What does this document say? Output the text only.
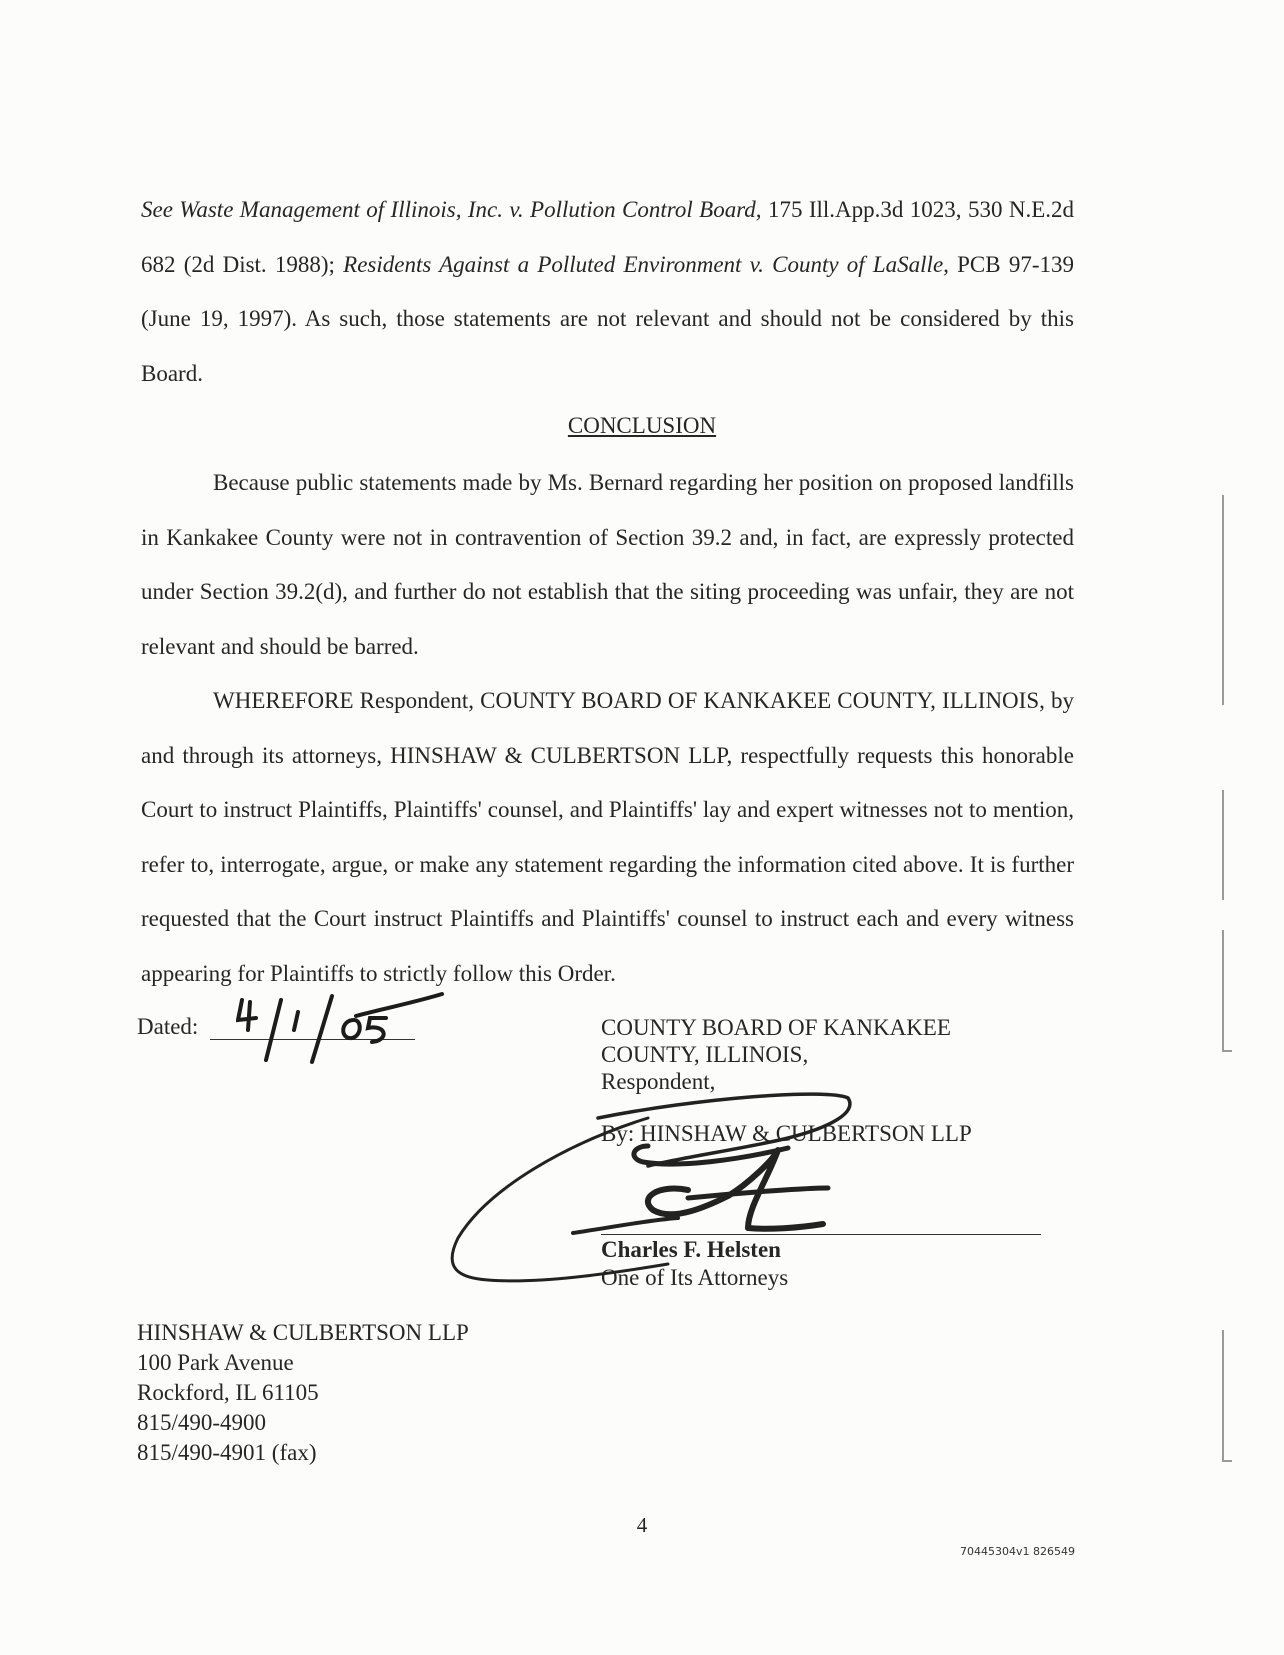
See Waste Management of Illinois, Inc. v. Pollution Control Board, 175 Ill.App.3d 1023, 530 N.E.2d 682 (2d Dist. 1988); Residents Against a Polluted Environment v. County of LaSalle, PCB 97-139 (June 19, 1997). As such, those statements are not relevant and should not be considered by this Board.

CONCLUSION

Because public statements made by Ms. Bernard regarding her position on proposed landfills in Kankakee County were not in contravention of Section 39.2 and, in fact, are expressly protected under Section 39.2(d), and further do not establish that the siting proceeding was unfair, they are not relevant and should be barred.

WHEREFORE Respondent, COUNTY BOARD OF KANKAKEE COUNTY, ILLINOIS, by and through its attorneys, HINSHAW & CULBERTSON LLP, respectfully requests this honorable Court to instruct Plaintiffs, Plaintiffs' counsel, and Plaintiffs' lay and expert witnesses not to mention, refer to, interrogate, argue, or make any statement regarding the information cited above. It is further requested that the Court instruct Plaintiffs and Plaintiffs' counsel to instruct each and every witness appearing for Plaintiffs to strictly follow this Order.

Dated:	COUNTY BOARD OF KANKAKEE
COUNTY, ILLINOIS,
Respondent,
By: HINSHAW & CULBERTSON LLP
Charles F. Helsten
One of Its Attorneys
HINSHAW & CULBERTSON LLP
100 Park Avenue
Rockford, IL 61105
815/490-4900
815/490-4901 (fax)
4
70445304v1 826549
